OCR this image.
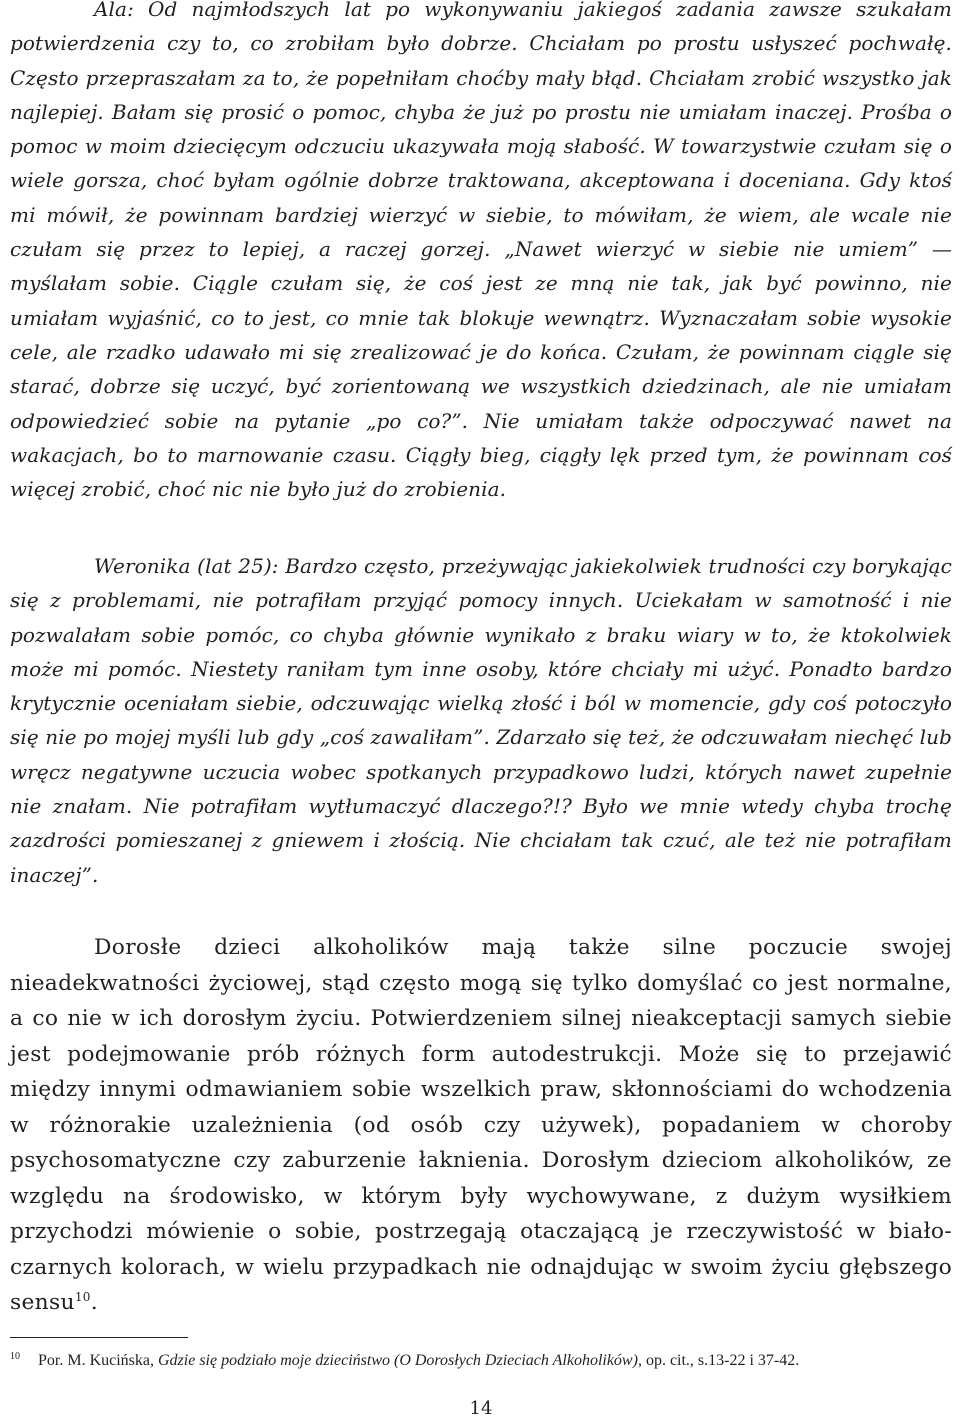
Ala: Od najmłodszych lat po wykonywaniu jakiegoś zadania zawsze szukałam potwierdzenia czy to, co zrobiłam było dobrze. Chciałam po prostu usłyszeć pochwałę. Często przepraszałam za to, że popełniłam choćby mały błąd. Chciałam zrobić wszystko jak najlepiej. Bałam się prosić o pomoc, chyba że już po prostu nie umiałam inaczej. Prośba o pomoc w moim dziecięcym odczuciu ukazywała moją słabość. W towarzystwie czułam się o wiele gorsza, choć byłam ogólnie dobrze traktowana, akceptowana i doceniana. Gdy ktoś mi mówił, że powinnam bardziej wierzyć w siebie, to mówiłam, że wiem, ale wcale nie czułam się przez to lepiej, a raczej gorzej. „Nawet wierzyć w siebie nie umiem” — myślałam sobie. Ciągle czułam się, że coś jest ze mną nie tak, jak być powinno, nie umiałam wyjaśnić, co to jest, co mnie tak blokuje wewnątrz. Wyznaczałam sobie wysokie cele, ale rzadko udawało mi się zrealizować je do końca. Czułam, że powinnam ciągle się starać, dobrze się uczyć, być zorientowaną we wszystkich dziedzinach, ale nie umiałam odpowiedzieć sobie na pytanie „po co?”. Nie umiałam także odpoczywać nawet na wakacjach, bo to marnowanie czasu. Ciągły bieg, ciągły lęk przed tym, że powinnam coś więcej zrobić, choć nic nie było już do zrobienia.

Weronika (lat 25): Bardzo często, przeżywając jakiekolwiek trudności czy borykając się z problemami, nie potrafiłam przyjąć pomocy innych. Uciekałam w samotność i nie pozwalałam sobie pomóc, co chyba głównie wynikało z braku wiary w to, że ktokolwiek może mi pomóc. Niestety raniłam tym inne osoby, które chciały mi użyć. Ponadto bardzo krytycznie oceniałam siebie, odczuwając wielką złość i ból w momencie, gdy coś potoczyło się nie po mojej myśli lub gdy „coś zawaliłam”. Zdarzało się też, że odczuwałam niechęć lub wręcz negatywne uczucia wobec spotkanych przypadkowo ludzi, których nawet zupełnie nie znałam. Nie potrafiłam wytłumaczyć dlaczego?!? Było we mnie wtedy chyba trochę zazdrości pomieszanej z gniewem i złością. Nie chciałam tak czuć, ale też nie potrafiłam inaczej”.

Dorosłe dzieci alkoholików mają także silne poczucie swojej nieadekwatności życiowej, stąd często mogą się tylko domyślać co jest normalne, a co nie w ich dorosłym życiu. Potwierdzeniem silnej nieakceptacji samych siebie jest podejmowanie prób różnych form autodestrukcji. Może się to przejawić między innymi odmawianiem sobie wszelkich praw, skłonnościami do wchodzenia w różnorakie uzależnienia (od osób czy używek), popadaniem w choroby psychosomatyczne czy zaburzenie łaknienia. Dorosłym dzieciom alkoholików, ze względu na środowisko, w którym były wychowywane, z dużym wysiłkiem przychodzi mówienie o sobie, postrzegają otaczającą je rzeczywistość w biało-czarnych kolorach, w wielu przypadkach nie odnajdując w swoim życiu głębszego sensu$^{10}$.

$^{10}$ Por. M. Kucińska, Gdzie się podziało moje dzieciństwo (O Dorosłych Dzieciach Alkoholików), op. cit., s.13-22 i 37-42.

14
